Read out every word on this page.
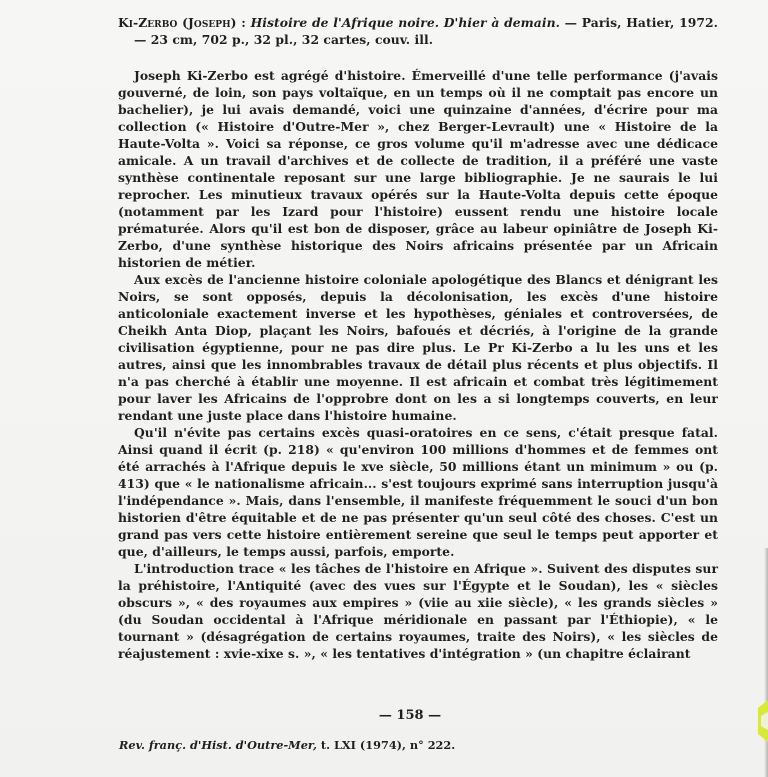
Ki-Zerbo (Joseph) : Histoire de l'Afrique noire. D'hier à demain. — Paris, Hatier, 1972. — 23 cm, 702 p., 32 pl., 32 cartes, couv. ill.

Joseph Ki-Zerbo est agrégé d'histoire. Émerveillé d'une telle performance (j'avais gouverné, de loin, son pays voltaïque, en un temps où il ne comptait pas encore un bachelier), je lui avais demandé, voici une quinzaine d'années, d'écrire pour ma collection (« Histoire d'Outre-Mer », chez Berger-Levrault) une « Histoire de la Haute-Volta ». Voici sa réponse, ce gros volume qu'il m'adresse avec une dédicace amicale. A un travail d'archives et de collecte de tradition, il a préféré une vaste synthèse continentale reposant sur une large bibliographie. Je ne saurais le lui reprocher. Les minutieux travaux opérés sur la Haute-Volta depuis cette époque (notamment par les Izard pour l'histoire) eussent rendu une histoire locale prématurée. Alors qu'il est bon de disposer, grâce au labeur opiniâtre de Joseph Ki-Zerbo, d'une synthèse historique des Noirs africains présentée par un Africain historien de métier.

Aux excès de l'ancienne histoire coloniale apologétique des Blancs et dénigrant les Noirs, se sont opposés, depuis la décolonisation, les excès d'une histoire anticoloniale exactement inverse et les hypothèses, géniales et controversées, de Cheikh Anta Diop, plaçant les Noirs, bafoués et décriés, à l'origine de la grande civilisation égyptienne, pour ne pas dire plus. Le Pr Ki-Zerbo a lu les uns et les autres, ainsi que les innombrables travaux de détail plus récents et plus objectifs. Il n'a pas cherché à établir une moyenne. Il est africain et combat très légitimement pour laver les Africains de l'opprobre dont on les a si longtemps couverts, en leur rendant une juste place dans l'histoire humaine.

Qu'il n'évite pas certains excès quasi-oratoires en ce sens, c'était presque fatal. Ainsi quand il écrit (p. 218) « qu'environ 100 millions d'hommes et de femmes ont été arrachés à l'Afrique depuis le xve siècle, 50 millions étant un minimum » ou (p. 413) que « le nationalisme africain... s'est toujours exprimé sans interruption jusqu'à l'indépendance ». Mais, dans l'ensemble, il manifeste fréquemment le souci d'un bon historien d'être équitable et de ne pas présenter qu'un seul côté des choses. C'est un grand pas vers cette histoire entièrement sereine que seul le temps peut apporter et que, d'ailleurs, le temps aussi, parfois, emporte.

L'introduction trace « les tâches de l'histoire en Afrique ». Suivent des disputes sur la préhistoire, l'Antiquité (avec des vues sur l'Égypte et le Soudan), les « siècles obscurs », « des royaumes aux empires » (viie au xiie siècle), « les grands siècles » (du Soudan occidental à l'Afrique méridionale en passant par l'Éthiopie), « le tournant » (désagrégation de certains royaumes, traite des Noirs), « les siècles de réajustement : xvie-xixe s. », « les tentatives d'intégration » (un chapitre éclairant

— 158 —
Rev. franç. d'Hist. d'Outre-Mer, t. LXI (1974), n° 222.
